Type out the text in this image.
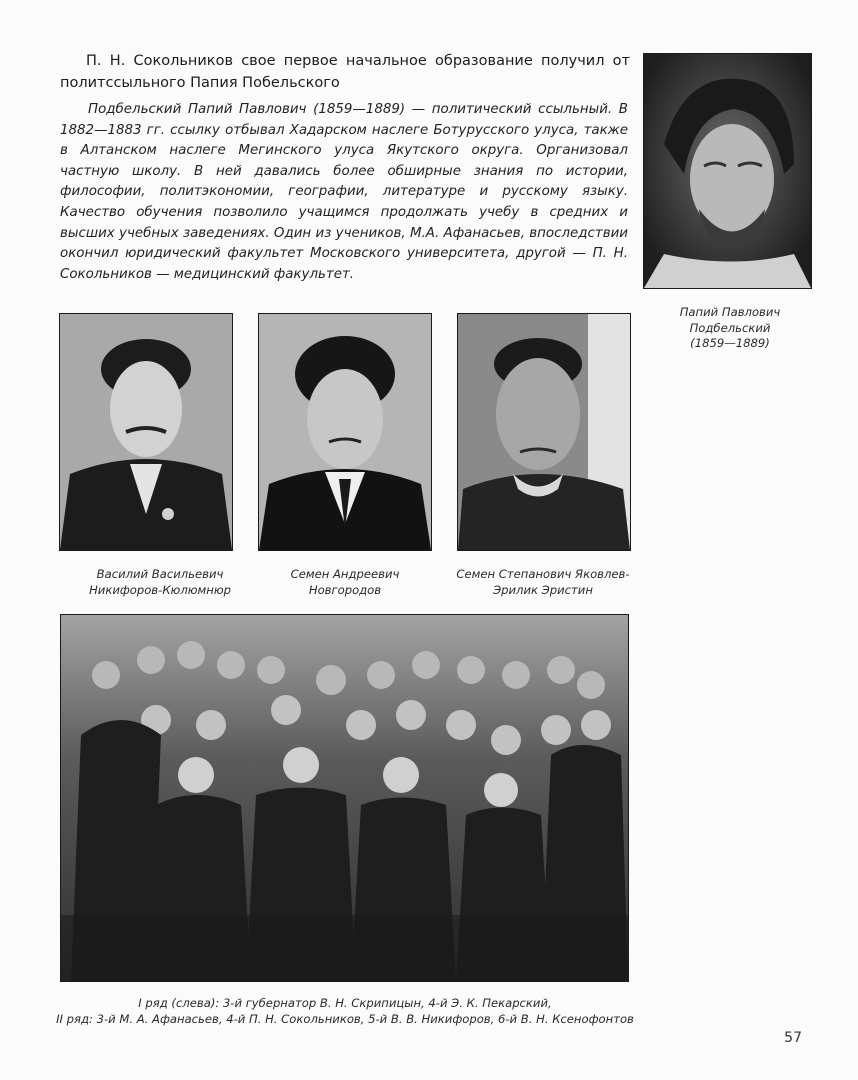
П. Н. Сокольников свое первое начальное образование получил от политссыльного Папия Побельского

Подбельский Папий Павлович (1859—1889) — политический ссыльный. В 1882—1883 гг. ссылку отбывал Хадарском наслеге Ботурусского улуса, также в Алтанском наслеге Мегинского улуса Якутского округа. Организовал частную школу. В ней давались более обширные знания по истории, философии, политэкономии, географии, литературе и русскому языку. Качество обучения позволило учащимся продолжать учебу в средних и высших учебных заведениях. Один из учеников, М.А. Афанасьев, впоследствии окончил юридический факультет Московского университета, другой — П. Н. Сокольников — медицинский факультет.

Папий Павлович
Подбельский
(1859—1889)

Василий Васильевич
Никифоров-Кюлюмнюр

Семен Андреевич
Новгородов

Семен Степанович Яковлев-
Эрилик Эристин

I ряд (слева): 3-й губернатор В. Н. Скрипицын, 4-й Э. К. Пекарский,
II ряд: 3-й М. А. Афанасьев, 4-й П. Н. Сокольников, 5-й В. В. Никифоров, 6-й В. Н. Ксенофонтов

57
